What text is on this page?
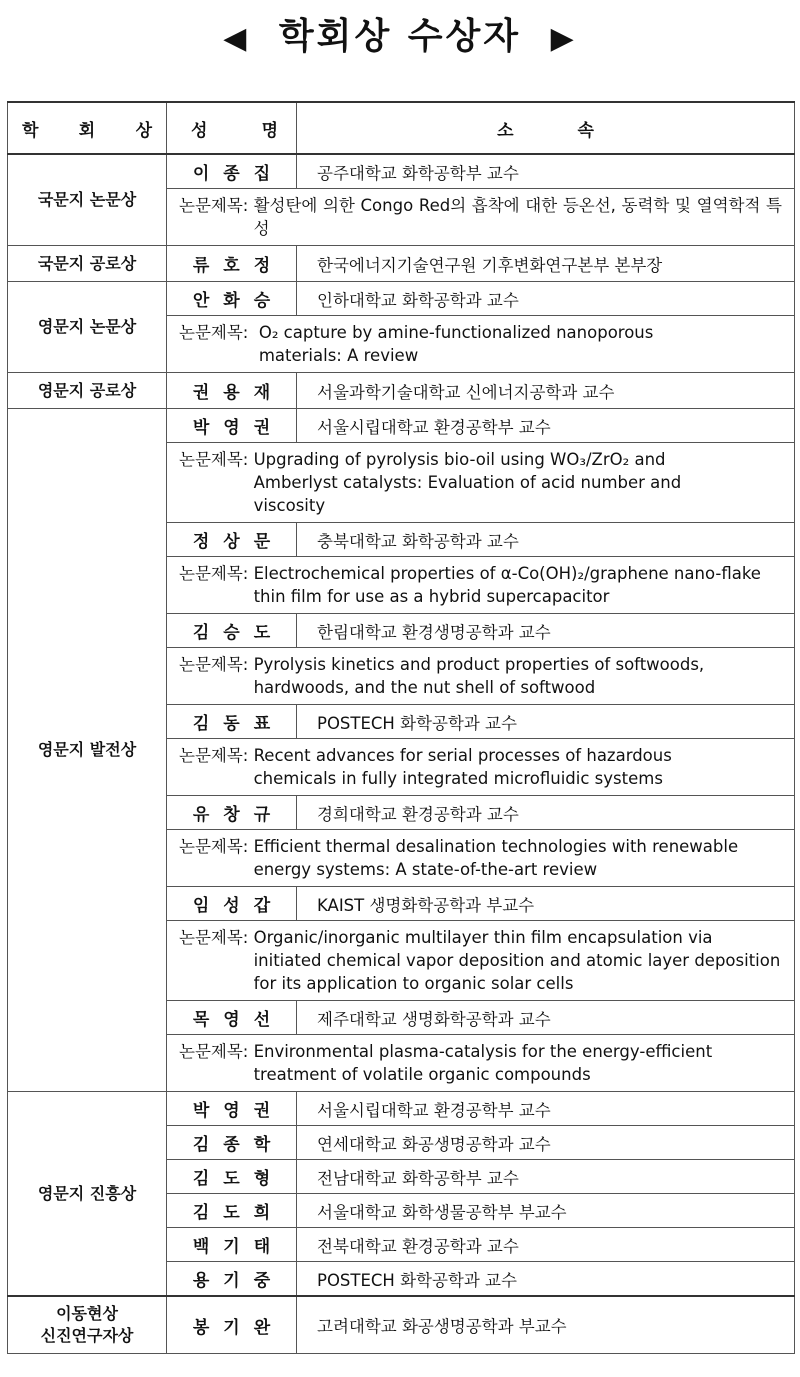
◀ 학회상 수상자 ▶
학 회 상	성 명	소 속
국문지 논문상	이종집	공주대학교 화학공학부 교수

	논문제목:
활성탄에 의한 Congo Red의 흡착에 대한 등온선, 동력학 및 열역학적 특성	

국문지 공로상	류호정	한국에너지기술연구원 기후변화연구본부 본부장
영문지 논문상	안화승	인하대학교 화학공학과 교수

	논문제목:
O₂ capture by amine-functionalized nanoporous materials: A review	

영문지 공로상	권용재	서울과학기술대학교 신에너지공학과 교수
영문지 발전상	박영권	서울시립대학교 환경공학부 교수

	논문제목:
Upgrading of pyrolysis bio-oil using WO₃/ZrO₂ and Amberlyst catalysts: Evaluation of acid number and viscosity	

	정상문	충북대학교 화학공학과 교수

	논문제목:
Electrochemical properties of α-Co(OH)₂/graphene nano-flake thin film for use as a hybrid supercapacitor	

	김승도	한림대학교 환경생명공학과 교수

	논문제목:
Pyrolysis kinetics and product properties of softwoods, hardwoods, and the nut shell of softwood	

	김동표	POSTECH 화학공학과 교수

	논문제목:
Recent advances for serial processes of hazardous chemicals in fully integrated microfluidic systems	

	유창규	경희대학교 환경공학과 교수

	논문제목:
Efficient thermal desalination technologies with renewable energy systems: A state-of-the-art review	

	임성갑	KAIST 생명화학공학과 부교수

	논문제목:
Organic/inorganic multilayer thin film encapsulation via initiated chemical vapor deposition and atomic layer deposition for its application to organic solar cells	

	목영선	제주대학교 생명화학공학과 교수

	논문제목:
Environmental plasma-catalysis for the energy-efficient treatment of volatile organic compounds	

영문지 진흥상	박영권	서울시립대학교 환경공학부 교수
	김종학	연세대학교 화공생명공학과 교수
	김도형	전남대학교 화학공학부 교수
	김도희	서울대학교 화학생물공학부 부교수
	백기태	전북대학교 환경공학과 교수
	용기중	POSTECH 화학공학과 교수

이동현상
신진연구자상	봉기완	고려대학교 화공생명공학과 부교수
